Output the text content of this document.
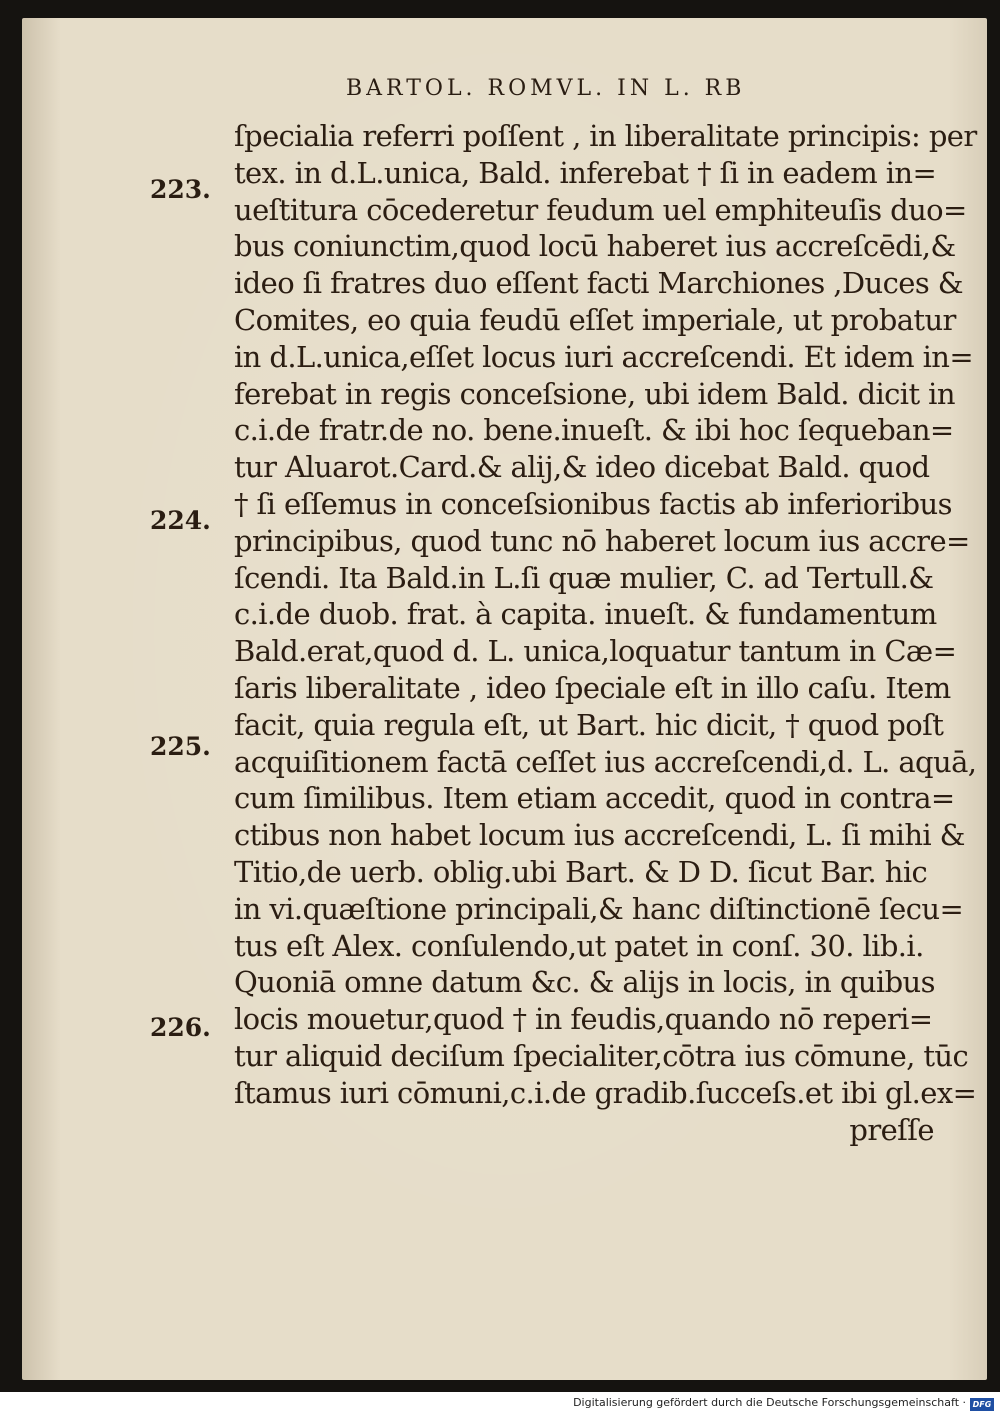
BARTOL. ROMVL. IN L. RB
223.
224.
225.
226.
ſpecialia referri poſſent , in liberalitate principis: per
tex. in d.L.unica, Bald. inferebat † ſi in eadem in=
ueſtitura cōcederetur feudum uel emphiteuſis duo=
bus coniunctim,quod locū haberet ius accreſcēdi,&
ideo ſi fratres duo eſſent facti Marchiones ,Duces &
Comites, eo quia feudū eſſet imperiale, ut probatur
in d.L.unica,eſſet locus iuri accreſcendi. Et idem in=
ferebat in regis conceſsione, ubi idem Bald. dicit in
c.i.de fratr.de no. bene.inueſt. & ibi hoc ſequeban=
tur Aluarot.Card.& alij,& ideo dicebat Bald. quod
† ſi eſſemus in conceſsionibus factis ab inferioribus
principibus, quod tunc nō haberet locum ius accre=
ſcendi. Ita Bald.in L.ſi quæ mulier, C. ad Tertull.&
c.i.de duob. frat. à capita. inueſt. & fundamentum
Bald.erat,quod d. L. unica,loquatur tantum in Cæ=
ſaris liberalitate , ideo ſpeciale eſt in illo caſu. Item
facit, quia regula eſt, ut Bart. hic dicit, † quod poſt
acquiſitionem factā ceſſet ius accreſcendi,d. L. aquā,
cum ſimilibus. Item etiam accedit, quod in contra=
ctibus non habet locum ius accreſcendi, L. ſi mihi &
Titio,de uerb. oblig.ubi Bart. & D D. ſicut Bar. hic
in vi.quæſtione principali,& hanc diſtinctionē ſecu=
tus eſt Alex. conſulendo,ut patet in conſ. 30. lib.i.
Quoniā omne datum &c. & alijs in locis, in quibus
locis mouetur,quod † in feudis,quando nō reperi=
tur aliquid deciſum ſpecialiter,cōtra ius cōmune, tūc
ſtamus iuri cōmuni,c.i.de gradib.ſucceſs.et ibi gl.ex=
preſſe
Digitalisierung gefördert durch die Deutsche Forschungsgemeinschaft · DFG
